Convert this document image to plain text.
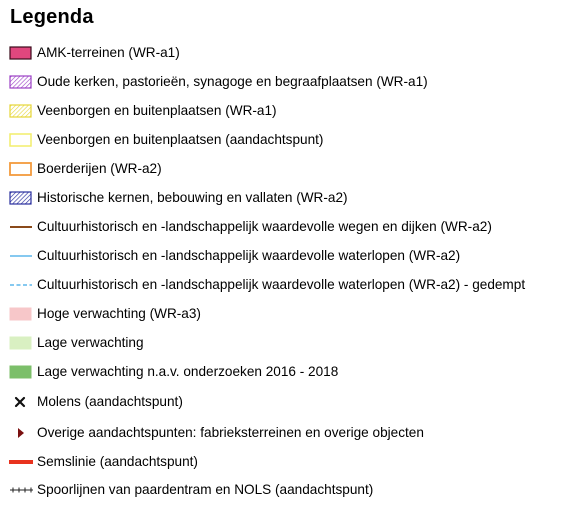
Legenda
AMK-terreinen (WR-a1)
Oude kerken, pastorieën, synagoge en begraafplaatsen (WR-a1)
Veenborgen en buitenplaatsen (WR-a1)
Veenborgen en buitenplaatsen (aandachtspunt)
Boerderijen (WR-a2)
Historische kernen, bebouwing en vallaten (WR-a2)
Cultuurhistorisch en -landschappelijk waardevolle wegen en dijken (WR-a2)
Cultuurhistorisch en -landschappelijk waardevolle waterlopen (WR-a2)
Cultuurhistorisch en -landschappelijk waardevolle waterlopen (WR-a2) - gedempt
Hoge verwachting (WR-a3)
Lage verwachting
Lage verwachting n.a.v. onderzoeken 2016 - 2018
Molens (aandachtspunt)
Overige aandachtspunten: fabrieksterreinen en overige objecten
Semslinie (aandachtspunt)
Spoorlijnen van paardentram en NOLS (aandachtspunt)
